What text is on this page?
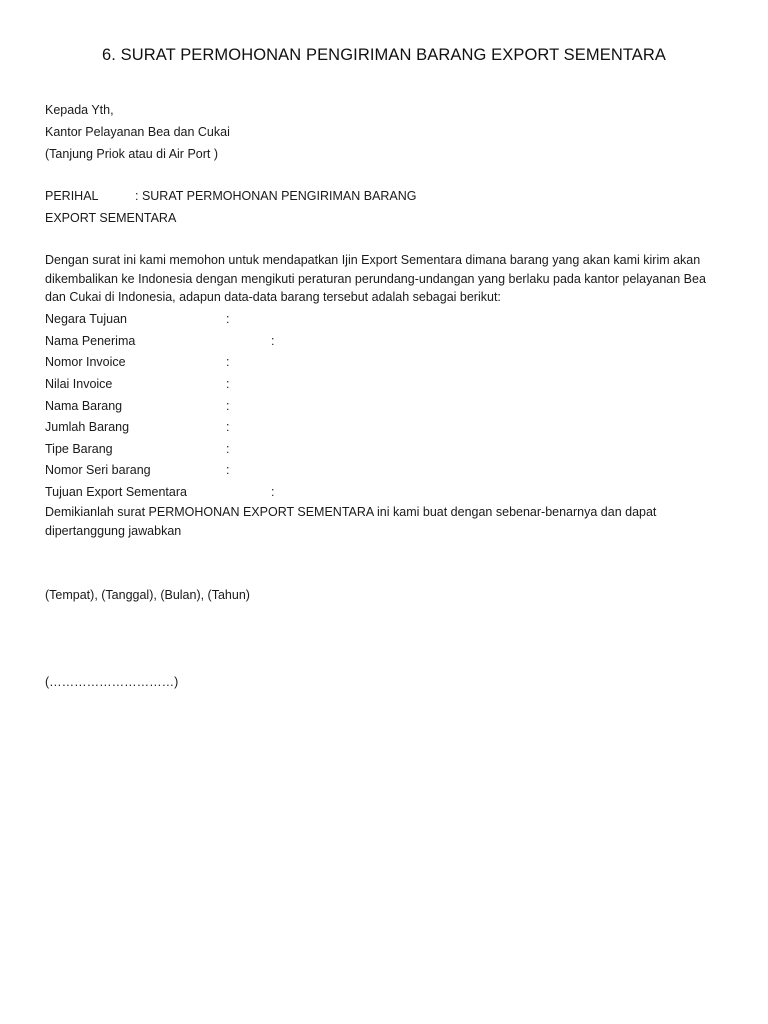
6. SURAT PERMOHONAN PENGIRIMAN BARANG EXPORT SEMENTARA
Kepada Yth,
Kantor Pelayanan Bea dan Cukai
(Tanjung Priok atau di Air Port )
PERIHAL	: SURAT PERMOHONAN PENGIRIMAN BARANG
EXPORT SEMENTARA
Dengan surat ini kami memohon untuk mendapatkan Ijin Export Sementara dimana barang yang akan kami kirim akan dikembalikan ke Indonesia dengan mengikuti peraturan perundang-undangan yang berlaku pada kantor pelayanan Bea dan Cukai di Indonesia, adapun data-data barang tersebut adalah sebagai berikut:
Negara Tujuan	:
Nama Penerima	:
Nomor Invoice	:
Nilai Invoice	:
Nama Barang	:
Jumlah Barang	:
Tipe Barang	:
Nomor Seri barang	:
Tujuan Export Sementara	:
Demikianlah surat PERMOHONAN EXPORT SEMENTARA ini kami buat dengan sebenar-benarnya dan dapat dipertanggung jawabkan
(Tempat), (Tanggal), (Bulan), (Tahun)
(…………………………)
